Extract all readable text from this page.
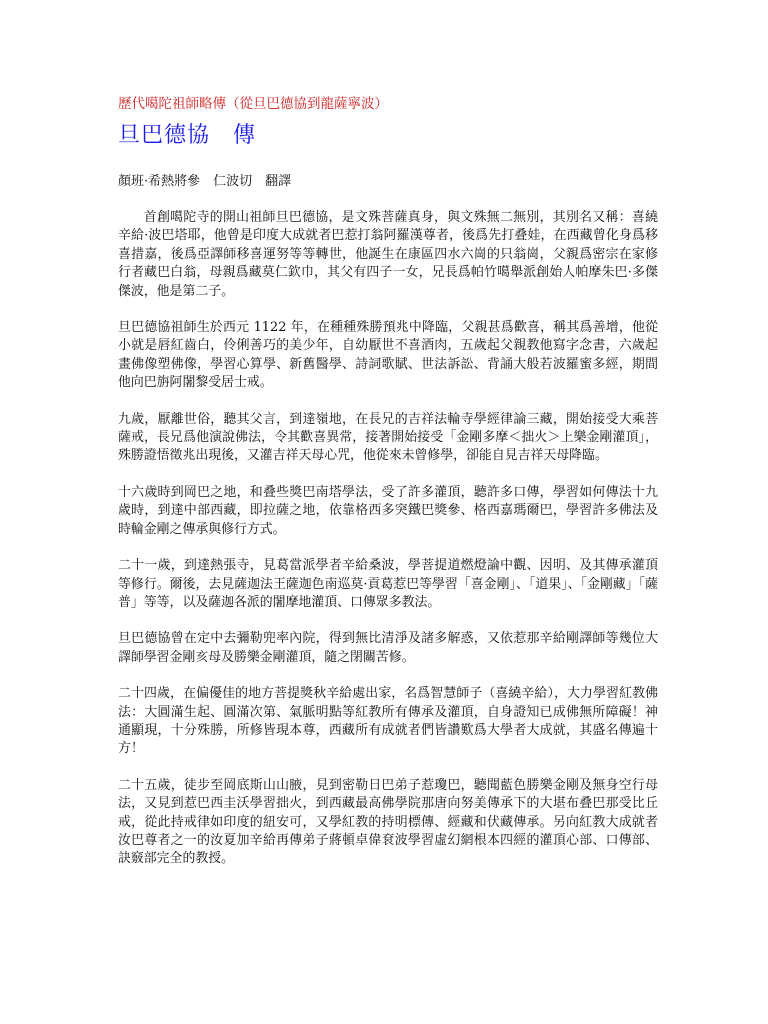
歷代噶陀祖師略傳（從旦巴德協到龍薩寧波）
旦巴德協　傳
顏班·希熱將參　仁波切　翻譯

首創噶陀寺的開山祖師旦巴德協，是文殊菩薩真身，與文殊無二無別，其別名又稱：喜繞辛給·波巴塔耶，他曾是印度大成就者巴惹打翁阿羅漢尊者，後爲先打叠娃，在西藏曾化身爲移喜措嘉，後爲亞譯師移喜運努等等轉世，他誕生在康區四水六崗的只翁崗，父親爲密宗在家修行者藏巴白翁，母親爲藏莫仁欽巾，其父有四子一女，兄長爲帕竹噶舉派創始人帕摩朱巴·多傑傑波，他是第二子。

旦巴德協祖師生於西元 1122 年，在種種殊勝預兆中降臨，父親甚爲歡喜，稱其爲善增，他從小就是唇紅齒白，伶俐善巧的美少年，自幼厭世不喜酒肉，五歲起父親教他寫字念書，六歲起畫佛像塑佛像，學習心算學、新舊醫學、詩詞歌賦、世法訴訟、背誦大般若波羅蜜多經，期間他向巴旃阿闍黎受居士戒。

九歲，厭離世俗，聽其父言，到達嶺地，在長兄的吉祥法輪寺學經律論三藏，開始接受大乘菩薩戒，長兄爲他演說佛法，令其歡喜異常，接著開始接受「金剛多摩＜拙火＞上樂金剛灌頂」，殊勝證悟徵兆出現後，又灌吉祥天母心咒，他從來未曾修學，卻能自見吉祥天母降臨。

十六歲時到岡巴之地，和叠些獎巴南塔學法，受了許多灌頂，聽許多口傳，學習如何傳法十九歲時，到達中部西藏，即拉薩之地，依靠格西多突鐵巴獎參、格西嘉瑪爾巴，學習許多佛法及時輪金剛之傳承與修行方式。

二十一歲，到達熱張寺，見葛當派學者辛給桑波，學菩提道燃燈論中觀、因明、及其傳承灌頂等修行。爾後，去見薩迦法王薩迦色南巡莫·貢葛惹巴等學習「喜金剛」、「道果」、「金剛藏」「薩普」等等，以及薩迦各派的闍摩地灌頂、口傳眾多教法。

旦巴德協曾在定中去彌勒兜率內院，得到無比清淨及諸多解惑，又依惹那辛給剛譯師等幾位大譯師學習金剛亥母及勝樂金剛灌頂，隨之閉關苦修。

二十四歲，在偏優佳的地方菩提獎秋辛給處出家，名爲智慧師子（喜繞辛給），大力學習紅教佛法：大圓滿生起、圓滿次第、氣脈明點等紅教所有傳承及灌頂，自身證知已成佛無所障礙！神通顯現，十分殊勝，所修皆現本尊，西藏所有成就者們皆讚歎爲大學者大成就，其盛名傳遍十方！

二十五歲，徒步至岡底斯山山腋，見到密勒日巴弟子惹瓊巴，聽聞藍色勝樂金剛及無身空行母法，又見到惹巴西圭沃學習拙火，到西藏最高佛學院那唐向努美傳承下的大堪布叠巴那受比丘戒，從此持戒律如印度的紐安可，又學紅教的持明標傳、經藏和伏藏傳承。另向紅教大成就者汝巴尊者之一的汝夏加辛給再傳弟子蔣頓卓偉袞波學習虛幻網根本四經的灌頂心部、口傳部、訣竅部完全的教授。
